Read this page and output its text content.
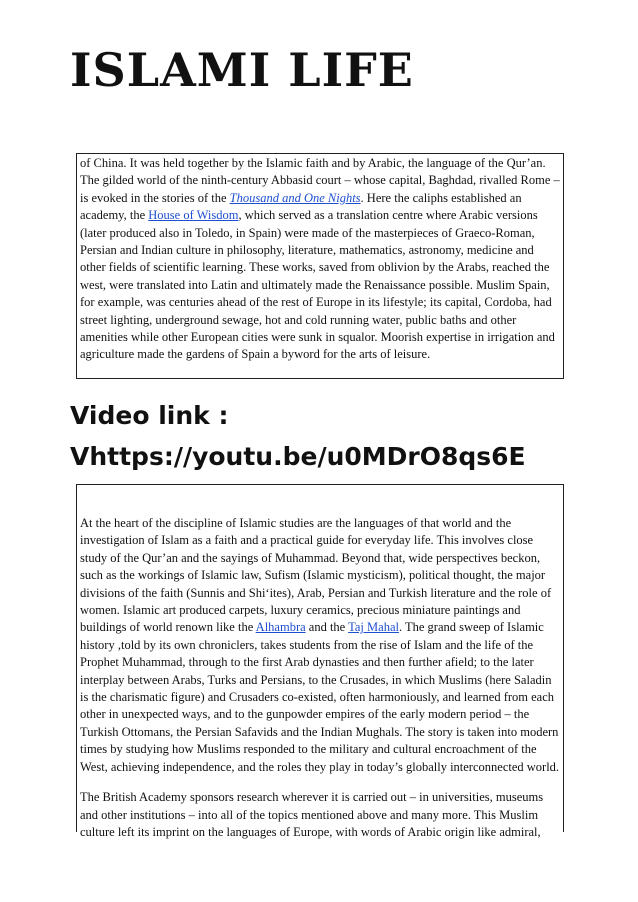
ISLAMI LIFE

of China. It was held together by the Islamic faith and by Arabic, the language of the Qur’an. The gilded world of the ninth-century Abbasid court – whose capital, Baghdad, rivalled Rome – is evoked in the stories of the Thousand and One Nights. Here the caliphs established an academy, the House of Wisdom, which served as a translation centre where Arabic versions (later produced also in Toledo, in Spain) were made of the masterpieces of Graeco-Roman, Persian and Indian culture in philosophy, literature, mathematics, astronomy, medicine and other fields of scientific learning. These works, saved from oblivion by the Arabs, reached the west, were translated into Latin and ultimately made the Renaissance possible. Muslim Spain, for example, was centuries ahead of the rest of Europe in its lifestyle; its capital, Cordoba, had street lighting, underground sewage, hot and cold running water, public baths and other amenities while other European cities were sunk in squalor. Moorish expertise in irrigation and agriculture made the gardens of Spain a byword for the arts of leisure.

Video link :
Vhttps://youtu.be/u0MDrO8qs6E

At the heart of the discipline of Islamic studies are the languages of that world and the investigation of Islam as a faith and a practical guide for everyday life. This involves close study of the Qur’an and the sayings of Muhammad. Beyond that, wide perspectives beckon, such as the workings of Islamic law, Sufism (Islamic mysticism), political thought, the major divisions of the faith (Sunnis and Shi‘ites), Arab, Persian and Turkish literature and the role of women. Islamic art produced carpets, luxury ceramics, precious miniature paintings and buildings of world renown like the Alhambra and the Taj Mahal. The grand sweep of Islamic history ,told by its own chroniclers, takes students from the rise of Islam and the life of the Prophet Muhammad, through to the first Arab dynasties and then further afield; to the later interplay between Arabs, Turks and Persians, to the Crusades, in which Muslims (here Saladin is the charismatic figure) and Crusaders co-existed, often harmoniously, and learned from each other in unexpected ways, and to the gunpowder empires of the early modern period – the Turkish Ottomans, the Persian Safavids and the Indian Mughals. The story is taken into modern times by studying how Muslims responded to the military and cultural encroachment of the West, achieving independence, and the roles they play in today’s globally interconnected world.

The British Academy sponsors research wherever it is carried out – in universities, museums and other institutions – into all of the topics mentioned above and many more. This Muslim culture left its imprint on the languages of Europe, with words of Arabic origin like admiral,
